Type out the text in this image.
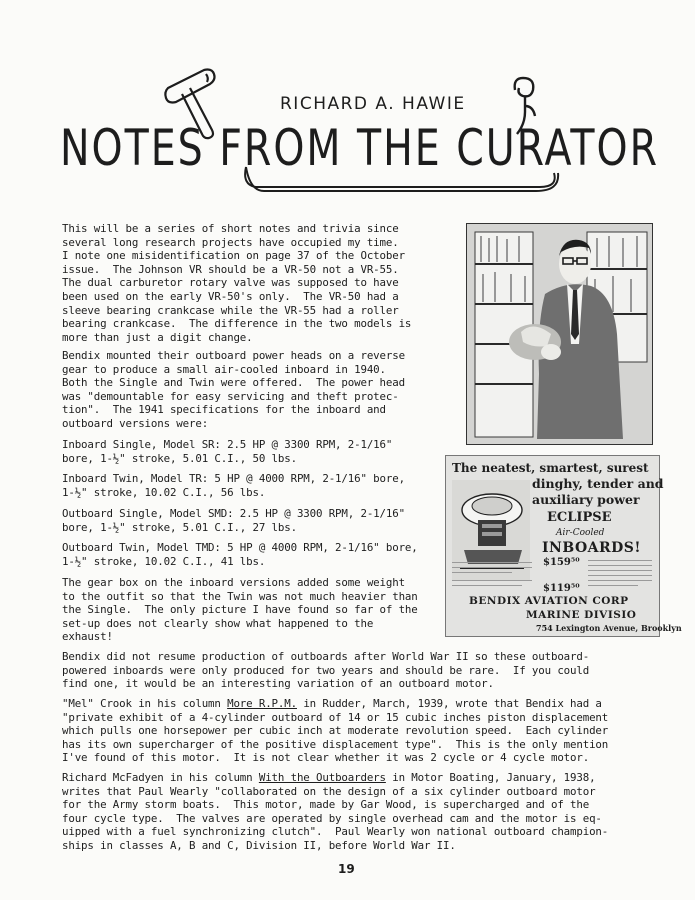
RICHARD A. HAWIE
NOTES FROM THE CURATOR

This will be a series of short notes and trivia since
several long research projects have occupied my time.
I note one misidentification on page 37 of the October
issue.  The Johnson VR should be a VR-50 not a VR-55.
The dual carburetor rotary valve was supposed to have
been used on the early VR-50's only.  The VR-50 had a
sleeve bearing crankcase while the VR-55 had a roller
bearing crankcase.  The difference in the two models is
more than just a digit change.

Bendix mounted their outboard power heads on a reverse
gear to produce a small air-cooled inboard in 1940.
Both the Single and Twin were offered.  The power head
was "demountable for easy servicing and theft protec-
tion".  The 1941 specifications for the inboard and
outboard versions were:

Inboard Single, Model SR: 2.5 HP @ 3300 RPM, 2-1/16"
bore, 1-½" stroke, 5.01 C.I., 50 lbs.

Inboard Twin, Model TR: 5 HP @ 4000 RPM, 2-1/16" bore,
1-½" stroke, 10.02 C.I., 56 lbs.

Outboard Single, Model SMD: 2.5 HP @ 3300 RPM, 2-1/16"
bore, 1-½" stroke, 5.01 C.I., 27 lbs.

Outboard Twin, Model TMD: 5 HP @ 4000 RPM, 2-1/16" bore,
1-½" stroke, 10.02 C.I., 41 lbs.

The gear box on the inboard versions added some weight
to the outfit so that the Twin was not much heavier than
the Single.  The only picture I have found so far of the
set-up does not clearly show what happened to the
exhaust!

Bendix did not resume production of outboards after World War II so these outboard-
powered inboards were only produced for two years and should be rare.  If you could
find one, it would be an interesting variation of an outboard motor.

"Mel" Crook in his column More R.P.M. in Rudder, March, 1939, wrote that Bendix had a
"private exhibit of a 4-cylinder outboard of 14 or 15 cubic inches piston displacement
which pulls one horsepower per cubic inch at moderate revolution speed.  Each cylinder
has its own supercharger of the positive displacement type".  This is the only mention
I've found of this motor.  It is not clear whether it was 2 cycle or 4 cycle motor.

Richard McFadyen in his column With the Outboarders in Motor Boating, January, 1938,
writes that Paul Wearly "collaborated on the design of a six cylinder outboard motor
for the Army storm boats.  This motor, made by Gar Wood, is supercharged and of the
four cycle type.  The valves are operated by single overhead cam and the motor is eq-
uipped with a fuel synchronizing clutch".  Paul Wearly won national outboard champion-
ships in classes A, B and C, Division II, before World War II.

The neatest, smartest, surest
dinghy, tender and
auxiliary power
ECLIPSE
Air-Cooled
INBOARDS!
$159⁵⁰
$119⁵⁰
BENDIX AVIATION CORP
MARINE DIVISIO
754 Lexington Avenue, Brooklyn
19
